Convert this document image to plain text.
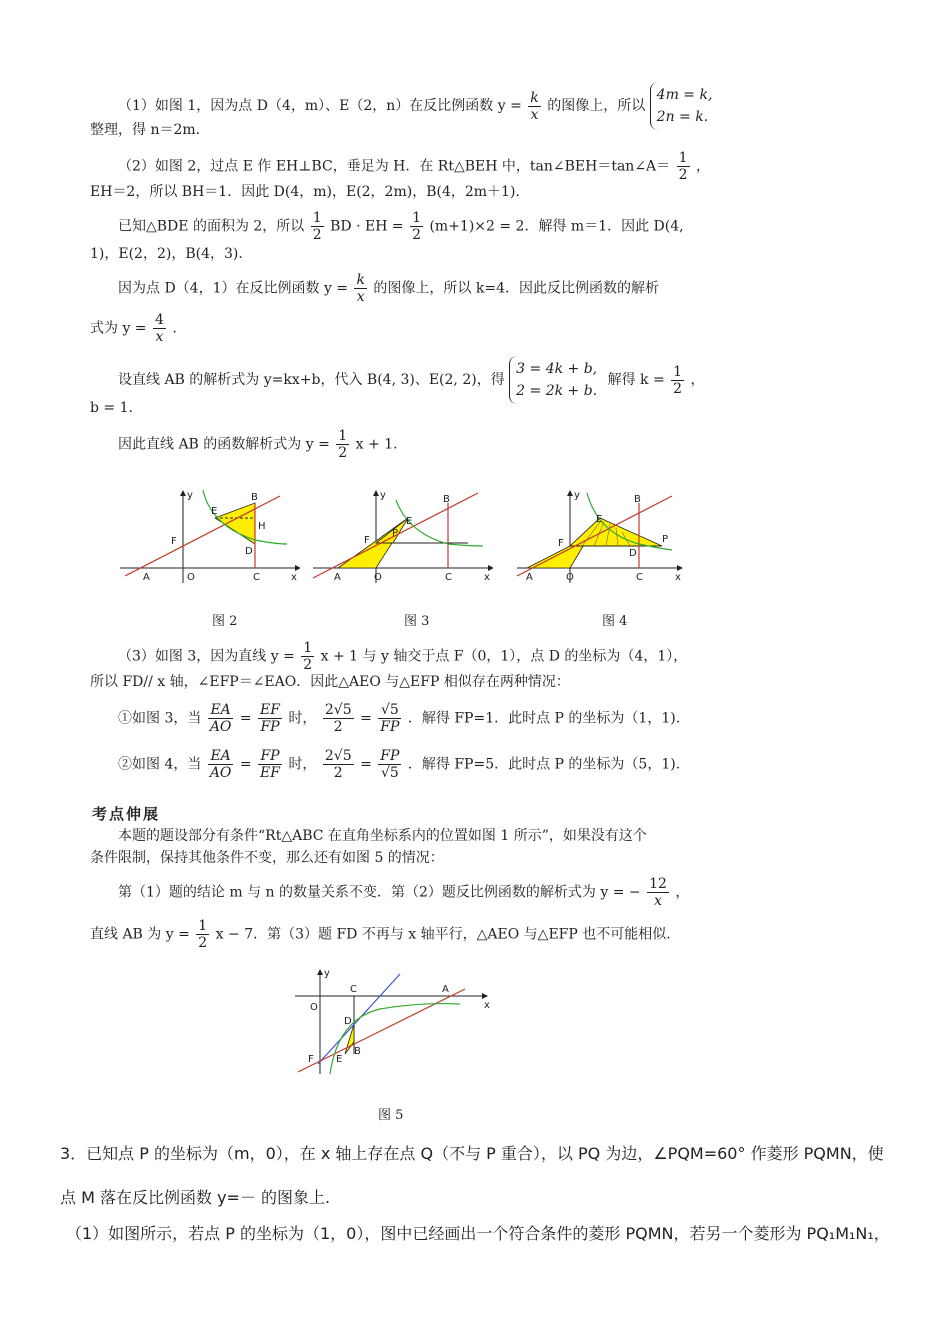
（1）如图 1，因为点 D（4，m）、E（2，n）在反比例函数 $y = \frac{k}{x}$ 的图像上，所以 4m = k,
2n = k.
整理，得 n＝2m.
（2）如图 2，过点 E 作 EH⊥BC，垂足为 H．在 Rt△BEH 中，tan∠BEH＝tan∠A＝ $\frac{1}{2}$ ，
EH＝2，所以 BH＝1．因此 D(4，m)，E(2，2m)，B(4，2m＋1).
已知△BDE 的面积为 2，所以 $\frac{1}{2}$ BD · EH = $\frac{1}{2} (m+1)\times 2 = 2$．解得 m＝1．因此 D(4,
1)，E(2，2)，B(4，3).
因为点 D（4，1）在反比例函数 $y = \frac{k}{x}$ 的图像上，所以 k=4．因此反比例函数的解析
式为 $y = \frac{4}{x}$ .
设直线 AB 的解析式为 y=kx+b，代入 B(4, 3)、E(2, 2)，得 3 = 4k + b,
2 = 2k + b. 解得 $k = \frac{1}{2}$ ，
b = 1.
因此直线 AB 的函数解析式为 $y = \frac{1}{2}$ x + 1.
A	O
B
C
D
E
F
H
x
y
图 2
A	O
B
C
E
F
P
x
y
图 3
A	O
B
C
D
E
F	P
x
y
图 4
（3）如图 3，因为直线 $y = \frac{1}{2}$ x + 1 与 y 轴交于点 F（0，1），点 D 的坐标为（4，1），
所以 FD// x 轴，∠EFP＝∠EAO．因此△AEO 与△EFP 相似存在两种情况：
①如图 3，当 $\frac{EA}{AO} = \frac{EF}{FP}$ 时， $\frac{2√5}{2} = \frac{√5}{FP}$ ．解得 FP=1．此时点 P 的坐标为（1，1).
②如图 4，当 $\frac{EA}{AO} = \frac{FP}{EF}$ 时， $\frac{2√5}{2} = \frac{FP}{√5}$ ．解得 FP=5．此时点 P 的坐标为（5，1).
考点伸展
本题的题设部分有条件“Rt△ABC 在直角坐标系内的位置如图 1 所示”，如果没有这个
条件限制，保持其他条件不变，那么还有如图 5 的情况：
第（1）题的结论 m 与 n 的数量关系不变．第（2）题反比例函数的解析式为 y = − $\frac{12}{x}$ ，
直线 AB 为 $y = \frac{1}{2}$ x − 7．第（3）题 FD 不再与 x 轴平行，△AEO 与△EFP 也不可能相似.
O
C	A
D
E
B
F
x
y
图 5
3．已知点 P 的坐标为（m，0），在 x 轴上存在点 Q（不与 P 重合），以 PQ 为边，∠PQM=60° 作菱形 PQMN，使
点 M 落在反比例函数 y=－ 的图象上.
（1）如图所示，若点 P 的坐标为（1，0），图中已经画出一个符合条件的菱形 PQMN，若另一个菱形为 PQ₁M₁N₁，
